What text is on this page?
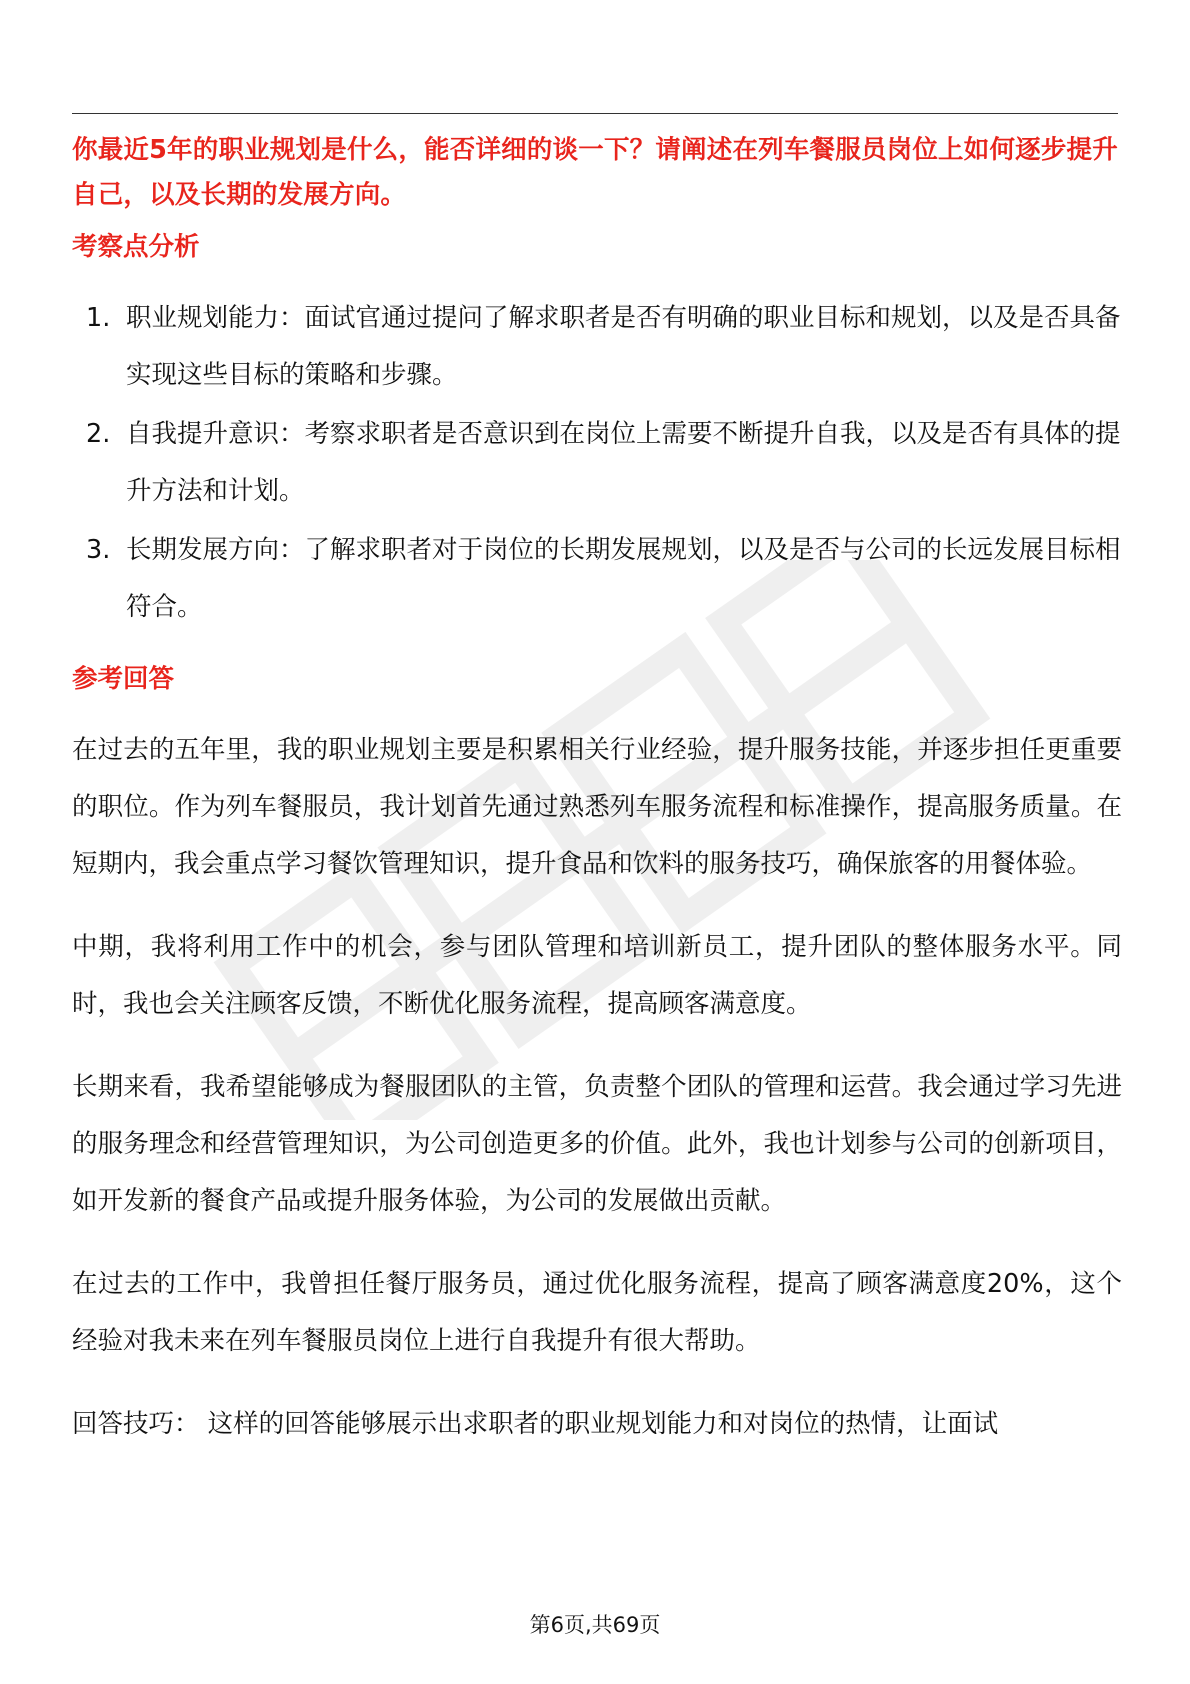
你最近5年的职业规划是什么，能否详细的谈一下？请阐述在列车餐服员岗位上如何逐步提升自己，以及长期的发展方向。

考察点分析
1. 职业规划能力：面试官通过提问了解求职者是否有明确的职业目标和规划，以及是否具备实现这些目标的策略和步骤。
2. 自我提升意识：考察求职者是否意识到在岗位上需要不断提升自我，以及是否有具体的提升方法和计划。
3. 长期发展方向：了解求职者对于岗位的长期发展规划，以及是否与公司的长远发展目标相符合。
参考回答

在过去的五年里，我的职业规划主要是积累相关行业经验，提升服务技能，并逐步担任更重要的职位。作为列车餐服员，我计划首先通过熟悉列车服务流程和标准操作，提高服务质量。在短期内，我会重点学习餐饮管理知识，提升食品和饮料的服务技巧，确保旅客的用餐体验。

中期，我将利用工作中的机会，参与团队管理和培训新员工，提升团队的整体服务水平。同时，我也会关注顾客反馈，不断优化服务流程，提高顾客满意度。

长期来看，我希望能够成为餐服团队的主管，负责整个团队的管理和运营。我会通过学习先进的服务理念和经营管理知识，为公司创造更多的价值。此外，我也计划参与公司的创新项目，如开发新的餐食产品或提升服务体验，为公司的发展做出贡献。

在过去的工作中，我曾担任餐厅服务员，通过优化服务流程，提高了顾客满意度20%，这个经验对我未来在列车餐服员岗位上进行自我提升有很大帮助。

回答技巧： 这样的回答能够展示出求职者的职业规划能力和对岗位的热情，让面试

第6页,共69页
